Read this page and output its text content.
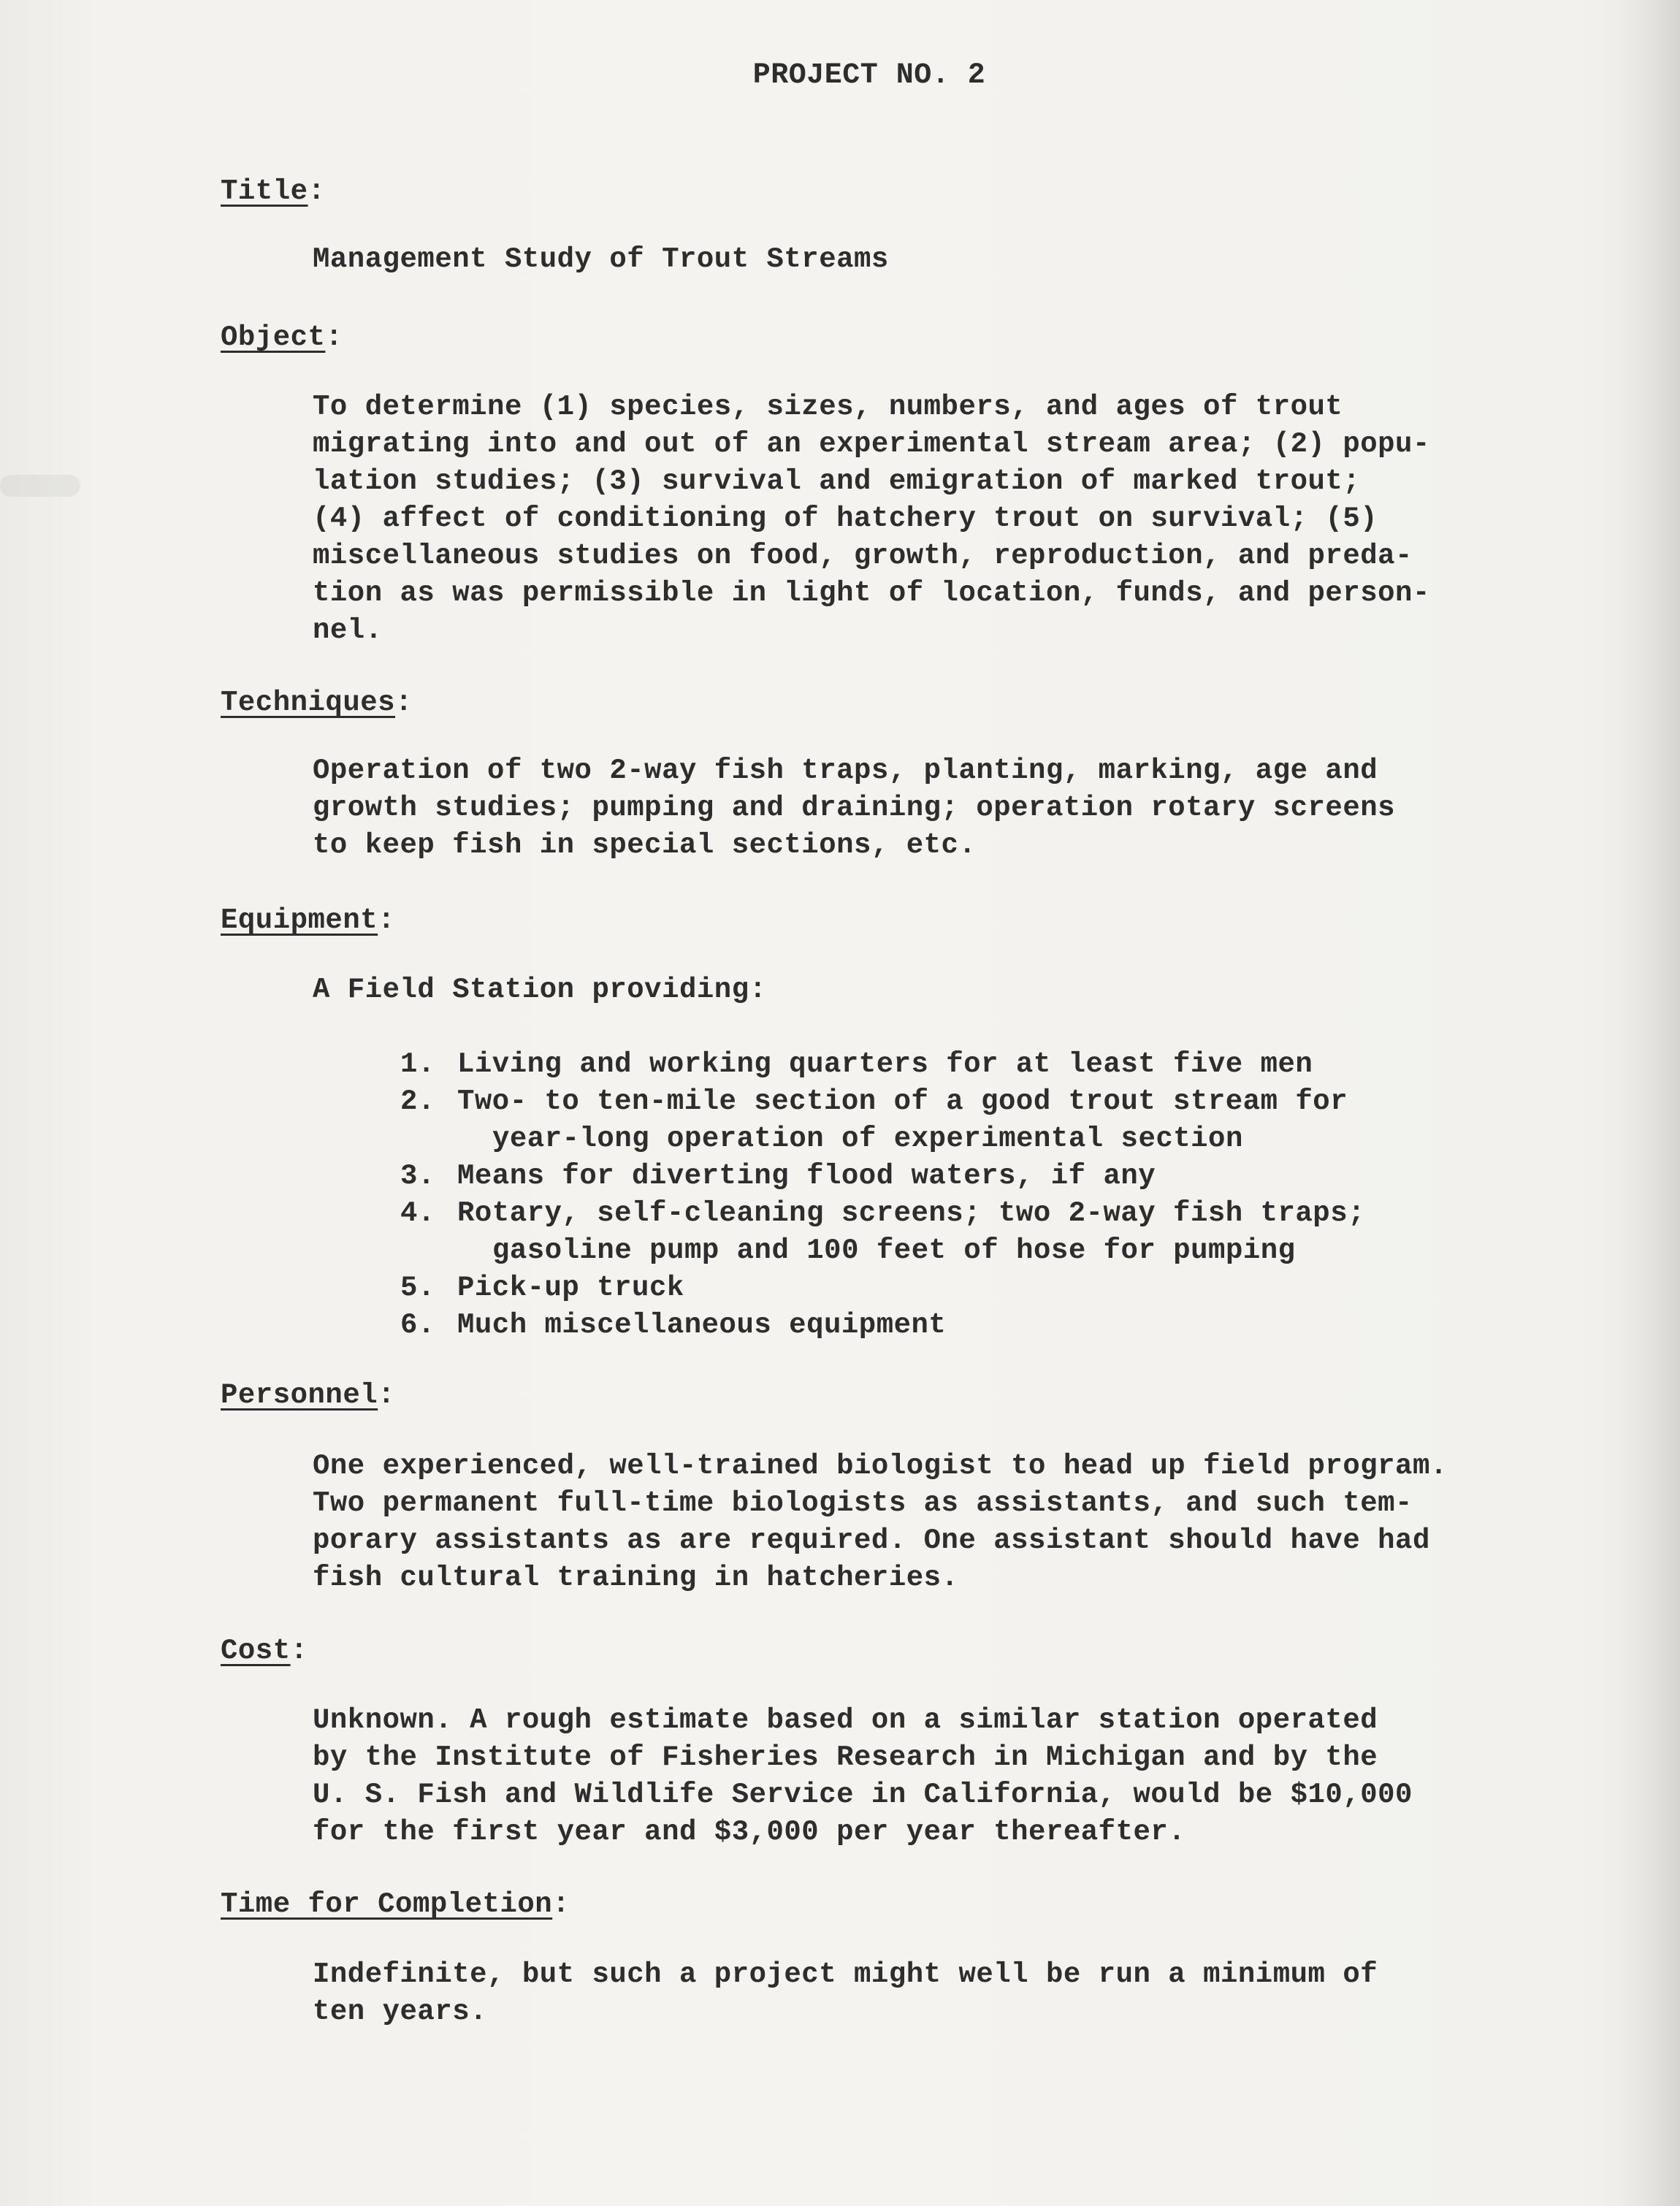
PROJECT NO. 2
Title:
Management Study of Trout Streams
Object:
To determine (1) species, sizes, numbers, and ages of trout
migrating into and out of an experimental stream area; (2) popu-
lation studies; (3) survival and emigration of marked trout;
(4) affect of conditioning of hatchery trout on survival; (5)
miscellaneous studies on food, growth, reproduction, and preda-
tion as was permissible in light of location, funds, and person-
nel.
Techniques:
Operation of two 2-way fish traps, planting, marking, age and
growth studies; pumping and draining; operation rotary screens
to keep fish in special sections, etc.
Equipment:
A Field Station providing:
1. Living and working quarters for at least five men
2. Two- to ten-mile section of a good trout stream for
year-long operation of experimental section
3. Means for diverting flood waters, if any
4. Rotary, self-cleaning screens; two 2-way fish traps;
gasoline pump and 100 feet of hose for pumping
5. Pick-up truck
6. Much miscellaneous equipment
Personnel:
One experienced, well-trained biologist to head up field program.
Two permanent full-time biologists as assistants, and such tem-
porary assistants as are required. One assistant should have had
fish cultural training in hatcheries.
Cost:
Unknown. A rough estimate based on a similar station operated
by the Institute of Fisheries Research in Michigan and by the
U. S. Fish and Wildlife Service in California, would be $10,000
for the first year and $3,000 per year thereafter.
Time for Completion:
Indefinite, but such a project might well be run a minimum of
ten years.
